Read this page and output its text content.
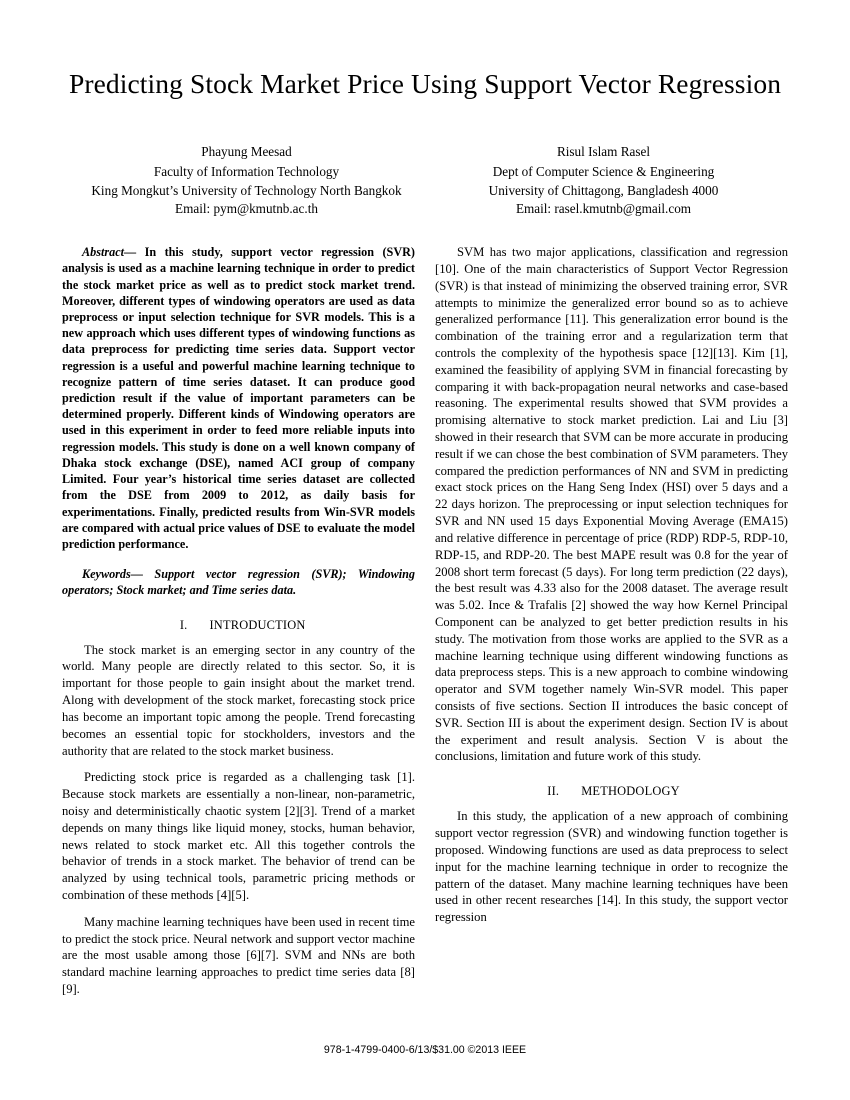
Predicting Stock Market Price Using Support Vector Regression
Phayung Meesad
Faculty of Information Technology
King Mongkut’s University of Technology North Bangkok
Email: pym@kmutnb.ac.th
Risul Islam Rasel
Dept of Computer Science & Engineering
University of Chittagong, Bangladesh 4000
Email: rasel.kmutnb@gmail.com

Abstract— In this study, support vector regression (SVR) analysis is used as a machine learning technique in order to predict the stock market price as well as to predict stock market trend. Moreover, different types of windowing operators are used as data preprocess or input selection technique for SVR models. This is a new approach which uses different types of windowing functions as data preprocess for predicting time series data. Support vector regression is a useful and powerful machine learning technique to recognize pattern of time series dataset. It can produce good prediction result if the value of important parameters can be determined properly. Different kinds of Windowing operators are used in this experiment in order to feed more reliable inputs into regression models. This study is done on a well known company of Dhaka stock exchange (DSE), named ACI group of company Limited. Four year’s historical time series dataset are collected from the DSE from 2009 to 2012, as daily basis for experimentations. Finally, predicted results from Win-SVR models are compared with actual price values of DSE to evaluate the model prediction performance.

Keywords— Support vector regression (SVR); Windowing operators; Stock market; and Time series data.

I. INTRODUCTION

The stock market is an emerging sector in any country of the world. Many people are directly related to this sector. So, it is important for those people to gain insight about the market trend. Along with development of the stock market, forecasting stock price has become an important topic among the people. Trend forecasting becomes an essential topic for stockholders, investors and the authority that are related to the stock market business.

Predicting stock price is regarded as a challenging task [1]. Because stock markets are essentially a non-linear, non-parametric, noisy and deterministically chaotic system [2][3]. Trend of a market depends on many things like liquid money, stocks, human behavior, news related to stock market etc. All this together controls the behavior of trends in a stock market. The behavior of trend can be analyzed by using technical tools, parametric pricing methods or combination of these methods [4][5].

Many machine learning techniques have been used in recent time to predict the stock price. Neural network and support vector machine are the most usable among those [6][7]. SVM and NNs are both standard machine learning approaches to predict time series data [8][9].

SVM has two major applications, classification and regression [10]. One of the main characteristics of Support Vector Regression (SVR) is that instead of minimizing the observed training error, SVR attempts to minimize the generalized error bound so as to achieve generalized performance [11]. This generalization error bound is the combination of the training error and a regularization term that controls the complexity of the hypothesis space [12][13]. Kim [1], examined the feasibility of applying SVM in financial forecasting by comparing it with back-propagation neural networks and case-based reasoning. The experimental results showed that SVM provides a promising alternative to stock market prediction. Lai and Liu [3] showed in their research that SVM can be more accurate in producing result if we can chose the best combination of SVM parameters. They compared the prediction performances of NN and SVM in predicting exact stock prices on the Hang Seng Index (HSI) over 5 days and a 22 days horizon. The preprocessing or input selection techniques for SVR and NN used 15 days Exponential Moving Average (EMA15) and relative difference in percentage of price (RDP) RDP-5, RDP-10, RDP-15, and RDP-20. The best MAPE result was 0.8 for the year of 2008 short term forecast (5 days). For long term prediction (22 days), the best result was 4.33 also for the 2008 dataset. The average result was 5.02. Ince & Trafalis [2] showed the way how Kernel Principal Component can be analyzed to get better prediction results in his study. The motivation from those works are applied to the SVR as a machine learning technique using different windowing functions as data preprocess steps. This is a new approach to combine windowing operator and SVM together namely Win-SVR model. This paper consists of five sections. Section II introduces the basic concept of SVR. Section III is about the experiment design. Section IV is about the experiment and result analysis. Section V is about the conclusions, limitation and future work of this study.

II. METHODOLOGY

In this study, the application of a new approach of combining support vector regression (SVR) and windowing function together is proposed. Windowing functions are used as data preprocess to select input for the machine learning technique in order to recognize the pattern of the dataset. Many machine learning techniques have been used in other recent researches [14]. In this study, the support vector regression

978-1-4799-0400-6/13/$31.00 ©2013 IEEE
